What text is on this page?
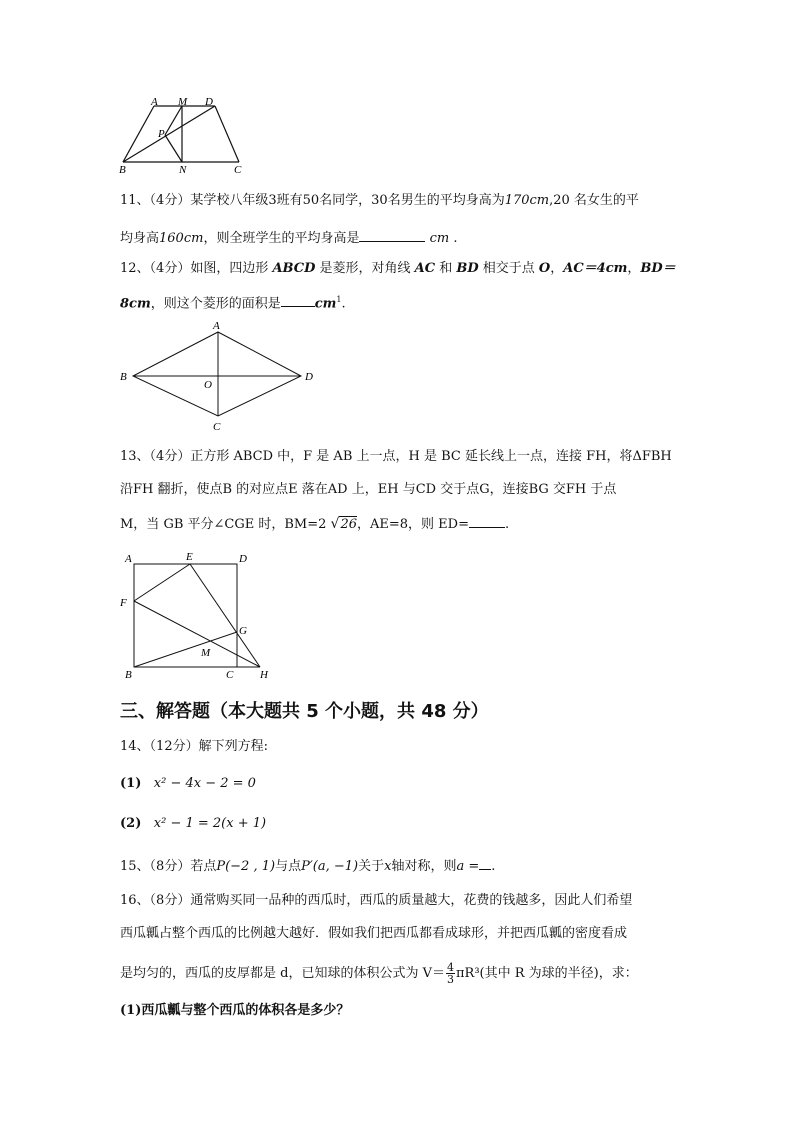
A M D
P
B	N	C
11、（4分）某学校八年级3班有50名同学，30名男生的平均身高为170cm,20 名女生的平
均身高160cm，则全班学生的平均身高是	cm .
12、（4分）如图，四边形 ABCD 是菱形，对角线 AC 和 BD 相交于点 O，AC＝4cm，BD＝
8cm，则这个菱形的面积是	$cm^1$.
A
B
O
D
C
13、（4分）正方形 ABCD 中，F 是 AB 上一点，H 是 BC 延长线上一点，连接 FH，将ΔFBH
沿FH 翻折，使点B 的对应点E 落在AD 上，EH 与CD 交于点G，连接BG 交FH 于点
M，当 GB 平分∠CGE 时，BM=2 √26，AE=8，则 ED=	.
A	E	D
F
G
M
B	C H
三、解答题（本大题共 5 个小题，共 48 分）
14、（12分）解下列方程:
(1) x² − 4x − 2 = 0
(2) x² − 1 = 2(x + 1)
15、（8分）若点P(−2 , 1)与点P′(a, −1)关于x轴对称，则a = .
16、（8分）通常购买同一品种的西瓜时，西瓜的质量越大，花费的钱越多，因此人们希望
西瓜瓤占整个西瓜的比例越大越好．假如我们把西瓜都看成球形，并把西瓜瓤的密度看成
是均匀的，西瓜的皮厚都是 d，已知球的体积公式为 $V= \frac{4}{3} \pi R^3$(其中 R 为球的半径)，求：
(1)西瓜瓤与整个西瓜的体积各是多少？
